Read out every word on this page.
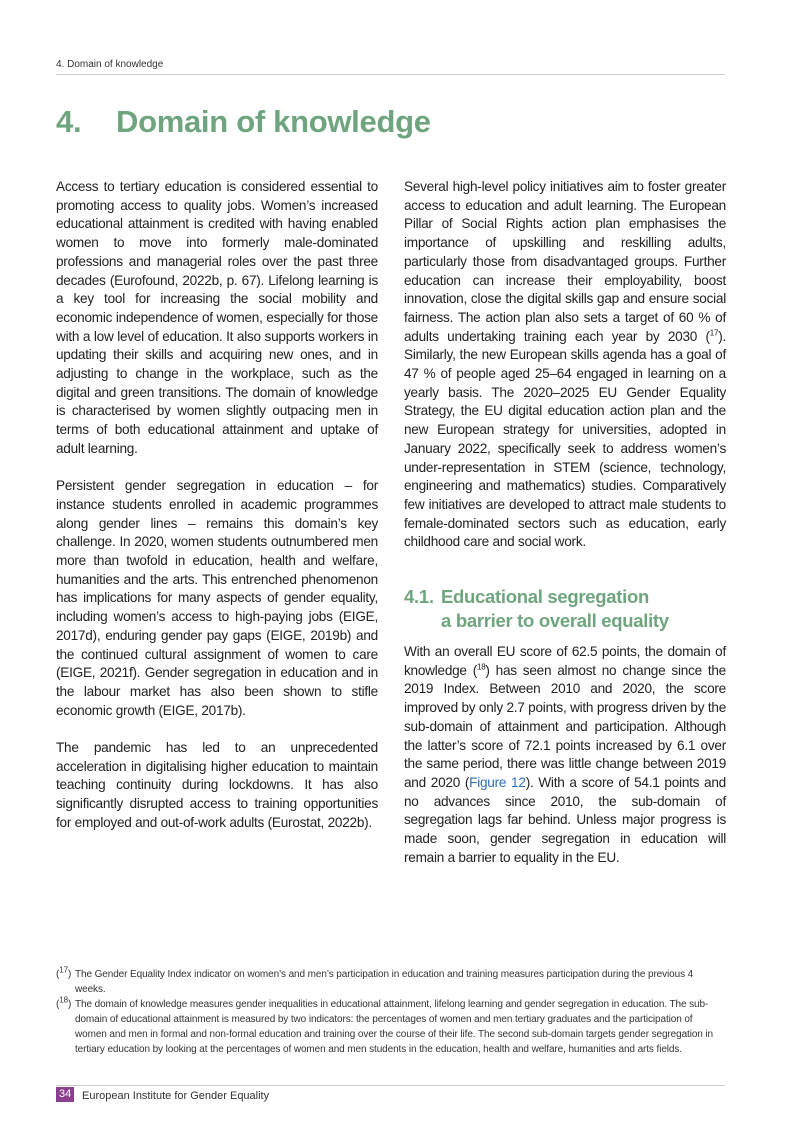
4. Domain of knowledge
4. Domain of knowledge

Access to tertiary education is considered essential to promoting access to quality jobs. Women’s increased educational attainment is credited with having enabled women to move into formerly male-dominated professions and managerial roles over the past three decades (Eurofound, 2022b, p. 67). Lifelong learning is a key tool for increasing the social mobility and economic independence of women, especially for those with a low level of education. It also supports workers in updating their skills and acquiring new ones, and in adjusting to change in the workplace, such as the digital and green transitions. The domain of knowledge is characterised by women slightly outpacing men in terms of both educational attainment and uptake of adult learning.

Persistent gender segregation in education – for instance students enrolled in academic programmes along gender lines – remains this domain’s key challenge. In 2020, women students outnumbered men more than twofold in education, health and welfare, humanities and the arts. This entrenched phenomenon has implications for many aspects of gender equality, including women’s access to high-paying jobs (EIGE, 2017d), enduring gender pay gaps (EIGE, 2019b) and the continued cultural assignment of women to care (EIGE, 2021f). Gender segregation in education and in the labour market has also been shown to stifle economic growth (EIGE, 2017b).

The pandemic has led to an unprecedented acceleration in digitalising higher education to maintain teaching continuity during lockdowns. It has also significantly disrupted access to training opportunities for employed and out-of-work adults (Eurostat, 2022b).

Several high-level policy initiatives aim to foster greater access to education and adult learning. The European Pillar of Social Rights action plan emphasises the importance of upskilling and reskilling adults, particularly those from disadvantaged groups. Further education can increase their employability, boost innovation, close the digital skills gap and ensure social fairness. The action plan also sets a target of 60 % of adults undertaking training each year by 2030 ($^{17}$). Similarly, the new European skills agenda has a goal of 47 % of people aged 25–64 engaged in learning on a yearly basis. The 2020–2025 EU Gender Equality Strategy, the EU digital education action plan and the new European strategy for universities, adopted in January 2022, specifically seek to address women’s under-representation in STEM (science, technology, engineering and mathematics) studies. Comparatively few initiatives are developed to attract male students to female-dominated sectors such as education, early childhood care and social work.

4.1. Educational segregation
a barrier to overall equality

With an overall EU score of 62.5 points, the domain of knowledge ($^{18}$) has seen almost no change since the 2019 Index. Between 2010 and 2020, the score improved by only 2.7 points, with progress driven by the sub-domain of attainment and participation. Although the latter’s score of 72.1 points increased by 6.1 over the same period, there was little change between 2019 and 2020 (Figure 12). With a score of 54.1 points and no advances since 2010, the sub-domain of segregation lags far behind. Unless major progress is made soon, gender segregation in education will remain a barrier to equality in the EU.

($^{17}$) The Gender Equality Index indicator on women’s and men’s participation in education and training measures participation during the previous 4 weeks.
($^{18}$) The domain of knowledge measures gender inequalities in educational attainment, lifelong learning and gender segregation in education. The sub-domain of educational attainment is measured by two indicators: the percentages of women and men tertiary graduates and the participation of women and men in formal and non-formal education and training over the course of their life. The second sub-domain targets gender segregation in tertiary education by looking at the percentages of women and men students in the education, health and welfare, humanities and arts fields.
34 European Institute for Gender Equality
